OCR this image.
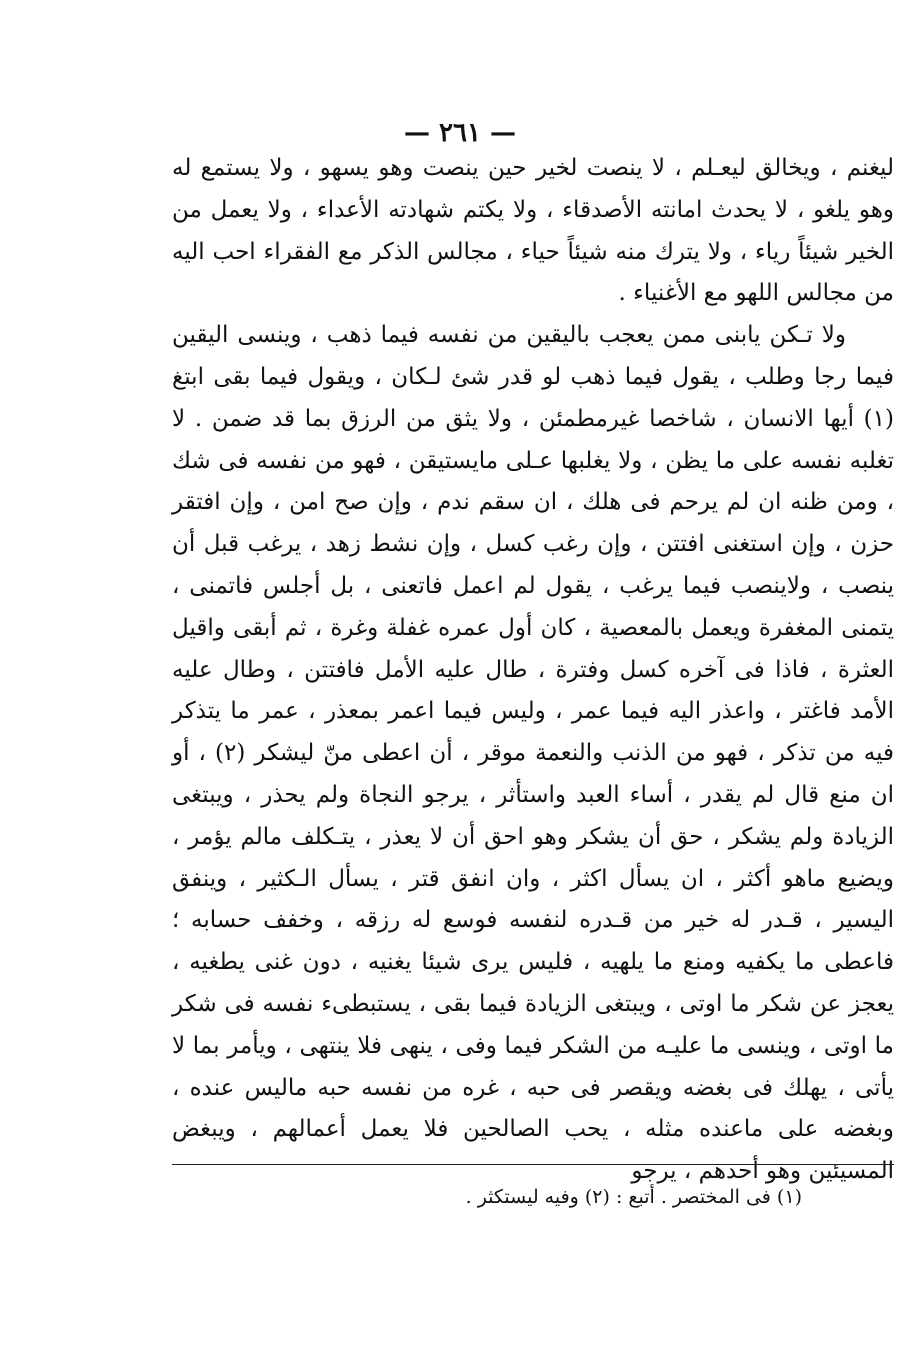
— ٢٦١ —

ليغنم ، ويخالق ليعـلم ، لا ينصت لخير حين ينصت وهو يسهو ، ولا يستمع له وهو يلغو ، لا يحدث امانته الأصدقاء ، ولا يكتم شهادته الأعداء ، ولا يعمل من الخير شيئاً رياء ، ولا يترك منه شيئاً حياء ، مجالس الذكر مع الفقراء احب اليه من مجالس اللهو مع الأغنياء .

ولا تـكن يابنى ممن يعجب باليقين من نفسه فيما ذهب ، وينسى اليقين فيما رجا وطلب ، يقول فيما ذهب لو قدر شئ لـكان ، ويقول فيما بقى ابتغ (١) أيها الانسان ، شاخصا غيرمطمئن ، ولا يثق من الرزق بما قد ضمن . لا تغلبه نفسه على ما يظن ، ولا يغلبها عـلى مايستيقن ، فهو من نفسه فى شك ، ومن ظنه ان لم يرحم فى هلك ، ان سقم ندم ، وإن صح امن ، وإن افتقر حزن ، وإن استغنى افتتن ، وإن رغب كسل ، وإن نشط زهد ، يرغب قبل أن ينصب ، ولاينصب فيما يرغب ، يقول لم اعمل فاتعنى ، بل أجلس فاتمنى ، يتمنى المغفرة ويعمل بالمعصية ، كان أول عمره غفلة وغرة ، ثم أبقى واقيل العثرة ، فاذا فى آخره كسل وفترة ، طال عليه الأمل فافتتن ، وطال عليه الأمد فاغتر ، واعذر اليه فيما عمر ، وليس فيما اعمر بمعذر ، عمر ما يتذكر فيه من تذكر ، فهو من الذنب والنعمة موقر ، أن اعطى منّ ليشكر (٢) ، أو ان منع قال لم يقدر ، أساء العبد واستأثر ، يرجو النجاة ولم يحذر ، ويبتغى الزيادة ولم يشكر ، حق أن يشكر وهو احق أن لا يعذر ، يتـكلف مالم يؤمر ، ويضيع ماهو أكثر ، ان يسأل اكثر ، وان انفق قتر ، يسأل الـكثير ، وينفق اليسير ، قـدر له خير من قـدره لنفسه فوسع له رزقه ، وخفف حسابه ؛ فاعطى ما يكفيه ومنع ما يلهيه ، فليس يرى شيئا يغنيه ، دون غنى يطغيه ، يعجز عن شكر ما اوتى ، ويبتغى الزيادة فيما بقى ، يستبطىء نفسه فى شكر ما اوتى ، وينسى ما عليـه من الشكر فيما وفى ، ينهى فلا ينتهى ، ويأمر بما لا يأتى ، يهلك فى بغضه ويقصر فى حبه ، غره من نفسه حبه ماليس عنده ، وبغضه على ماعنده مثله ، يحب الصالحين فلا يعمل أعمالهم ، ويبغض المسيئين وهو أحدهم ، يرجو

(١) فى المختصر . أتبع : (٢) وفيه ليستكثر .
